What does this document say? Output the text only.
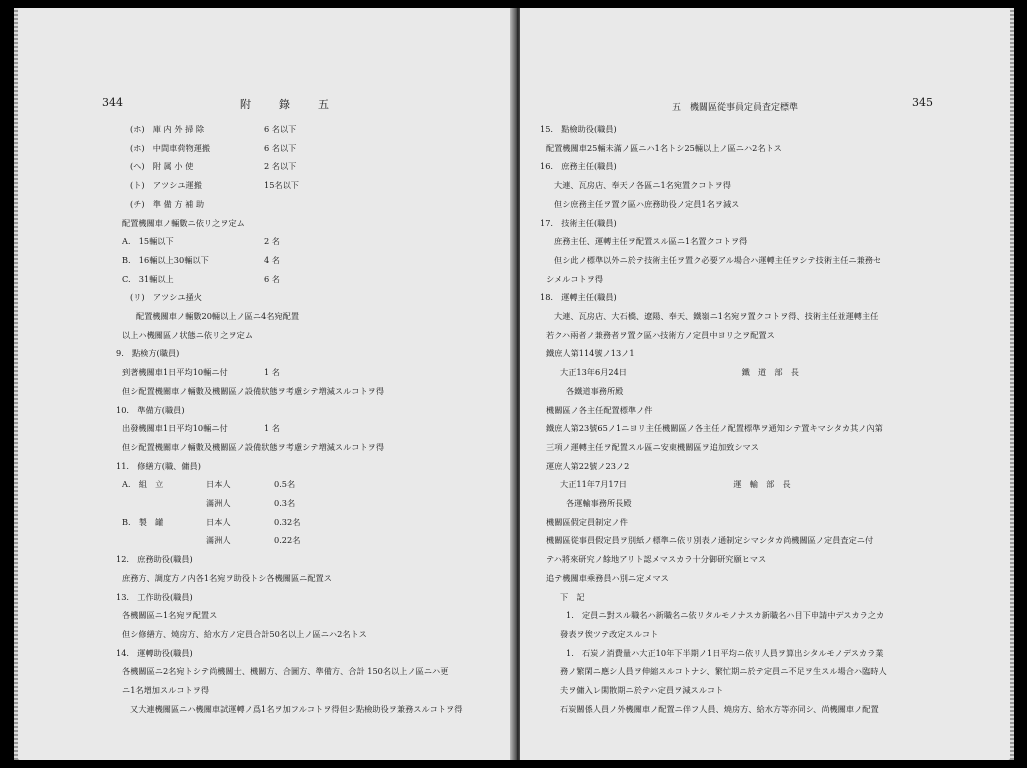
344	附　　錄　　五
(ホ)　庫 内 外 掃 除	6 名以下
(ホ)　中間車荷物運搬	6 名以下
(ヘ)　附 属 小 使	2 名以下
(ト)　アツシユ運搬	15名以下
(チ)　準 備 方 補 助
配置機關車ノ輛數ニ依リ之ヲ定ム
A.　15輛以下	2 名
B.　16輛以上30輛以下	4 名
C.　31輛以上	6 名
(リ)　アツシユ掻火
配置機關車ノ輛數20輛以上ノ區ニ4名宛配置
以上ハ機關區ノ状態ニ依リ之ヲ定ム
9.　點検方(職員)
到著機關車1日平均10輛ニ付	1 名
但シ配置機關車ノ輛數及機關區ノ設備狀態ヲ考慮シテ増減スルコトヲ得
10.　準備方(職員)
出發機關車1日平均10輛ニ付	1 名
但シ配置機關車ノ輛數及機關區ノ設備狀態ヲ考慮シテ増減スルコトヲ得
11.　修繕方(職、傭員)
A.　組　立	日本人	0.5名
滿洲人	0.3名
B.　製　罐	日本人	0.32名
滿洲人	0.22名
12.　庶務助役(職員)
庶務方、調度方ノ内各1名宛ヲ助役トシ各機關區ニ配置ス
13.　工作助役(職員)
各機關區ニ1名宛ヲ配置ス
但シ修繕方、燒房方、給水方ノ定員合計50名以上ノ區ニハ2名トス
14.　運轉助役(職員)
各機關區ニ2名宛トシテ尚機關士、機關方、合圖方、準備方、合計 150名以上ノ區ニハ更
ニ1名增加スルコトヲ得
又大連機關區ニハ機關車試運轉ノ爲1名ヲ加フルコトヲ得但シ點檢助役ヲ兼務スルコトヲ得
五　機關區從事員定員査定標準	345
15.　點檢助役(職員)
配置機關車25輛未滿ノ區ニハ1名トシ25輛以上ノ區ニハ2名トス
16.　庶務主任(職員)
大連、瓦房店、奉天ノ各區ニ1名宛置クコトヲ得
但シ庶務主任ヲ置ク區ハ庶務助役ノ定員1名ヲ減ス
17.　技術主任(職員)
庶務主任、運轉主任ヲ配置スル區ニ1名置クコトヲ得
但シ此ノ標準以外ニ於テ技術主任ヲ置ク必要アル場合ハ運轉主任ヲシテ技術主任ニ兼務セ
シメルコトヲ得
18.　運轉主任(職員)
大連、瓦房店、大石橋、遼陽、奉天、鐵嶺ニ1名宛ヲ置クコトヲ得、技術主任並運轉主任
若クハ兩者ノ兼務者ヲ置ク區ハ技術方ノ定員中ヨリ之ヲ配置ス
鐵庶人第114號ノ13ノ1
大正13年6月24日　　　　　　　　　　　　　　鐵　道　部　長
各鐵道事務所殿
機關區ノ各主任配置標準ノ件
鐵庶人第23號65ノ1ニヨリ主任機關區ノ各主任ノ配置標準ヲ通知シテ置キマシタカ其ノ內第
三項ノ運轉主任ヲ配置スル區ニ安東機關區ヲ追加致シマス
運庶人第22號ノ23ノ2
大正11年7月17日　　　　　　　　　　　　　運　輸　部　長
各運輸事務所長殿
機關區假定員制定ノ件
機關區從事員假定員ヲ別紙ノ標準ニ依リ別表ノ通制定シマシタカ尚機關區ノ定員査定ニ付
テハ將來研究ノ餘地アリト認メマスカラ十分御研究願ヒマス
追テ機關車乘務員ハ別ニ定メマス
下　記
1.　定員ニ對スル職名ハ新職名ニ依リタルモノナスカ新職名ハ目下申請中デスカラ之カ
發表ヲ俟ツテ改定スルコト
1.　石炭ノ消費量ハ大正10年下半期ノ1日平均ニ依リ人員ヲ算出シタルモノデスカラ業
務ノ繁閑ニ應シ人員ヲ伸縮スルコトナシ、繁忙期ニ於テ定員ニ不足ヲ生スル場合ハ臨時人
夫ヲ傭入レ閑散期ニ於テハ定員ヲ減スルコト
石炭關係人員ノ外機關車ノ配置ニ伴フ人員、燒房方、給水方等亦同シ、尚機關車ノ配置
